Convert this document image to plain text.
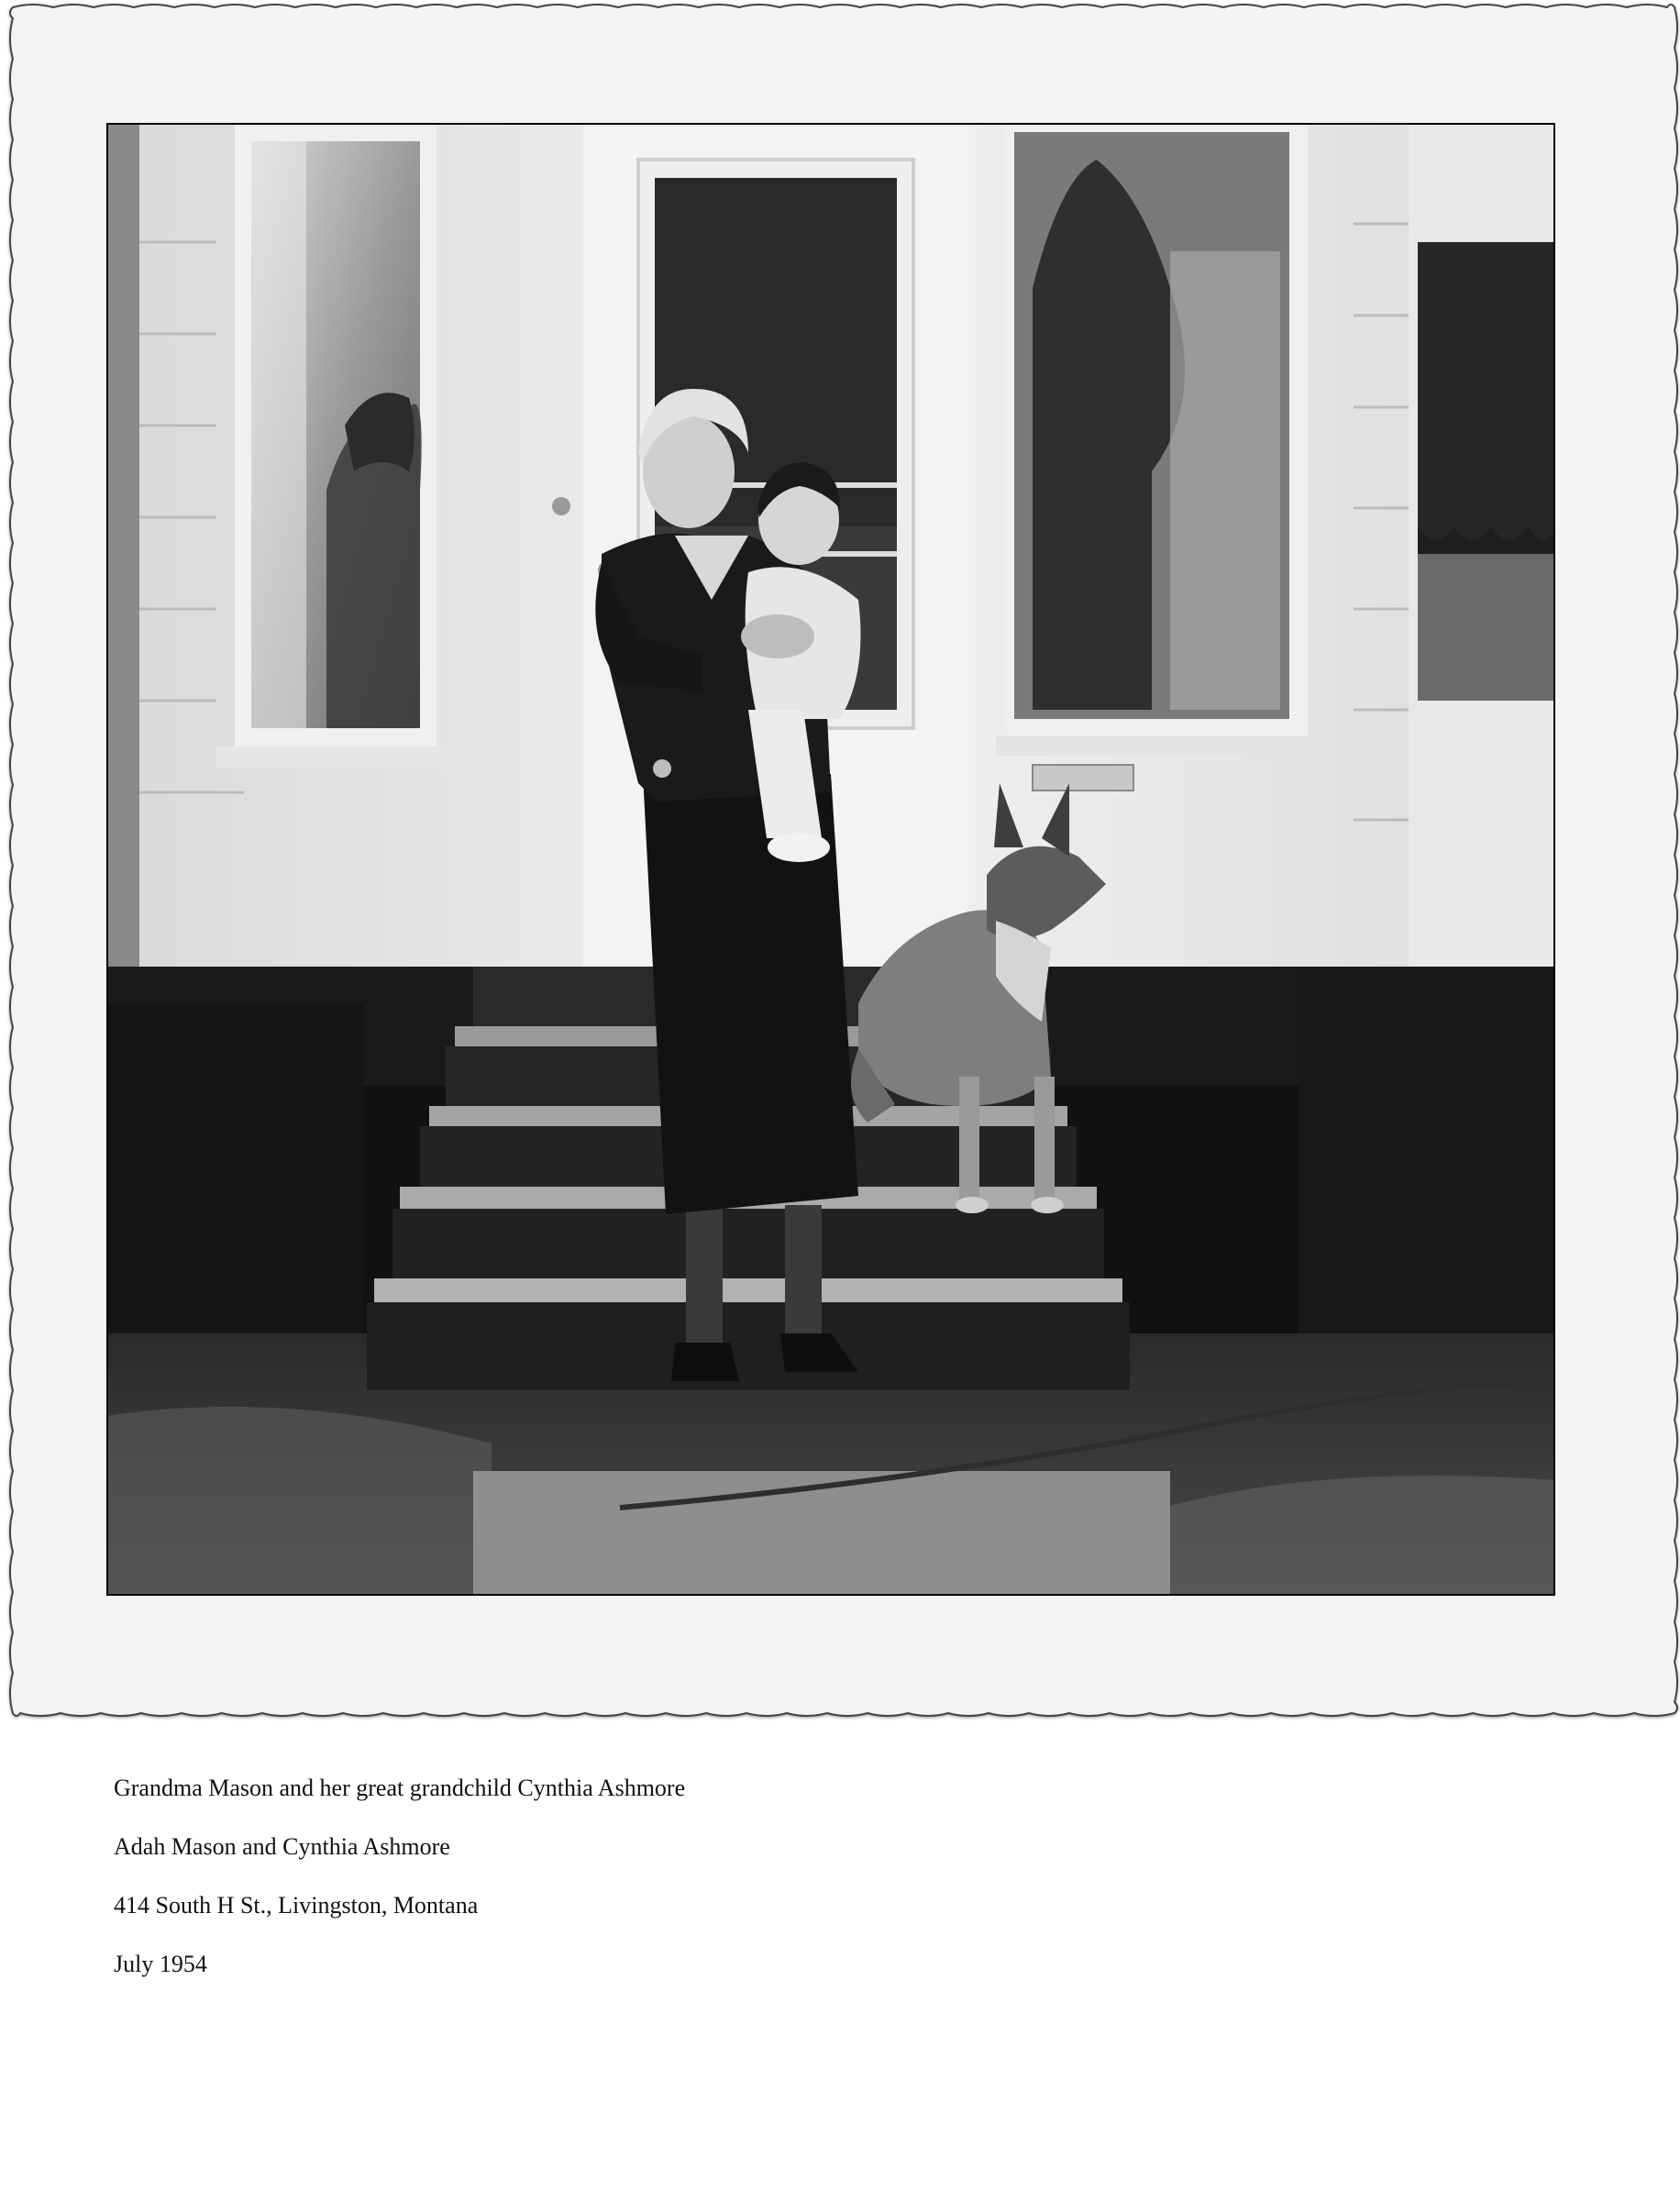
Grandma Mason and her great grandchild Cynthia Ashmore
Adah Mason and Cynthia Ashmore
414 South H St., Livingston, Montana
July 1954
